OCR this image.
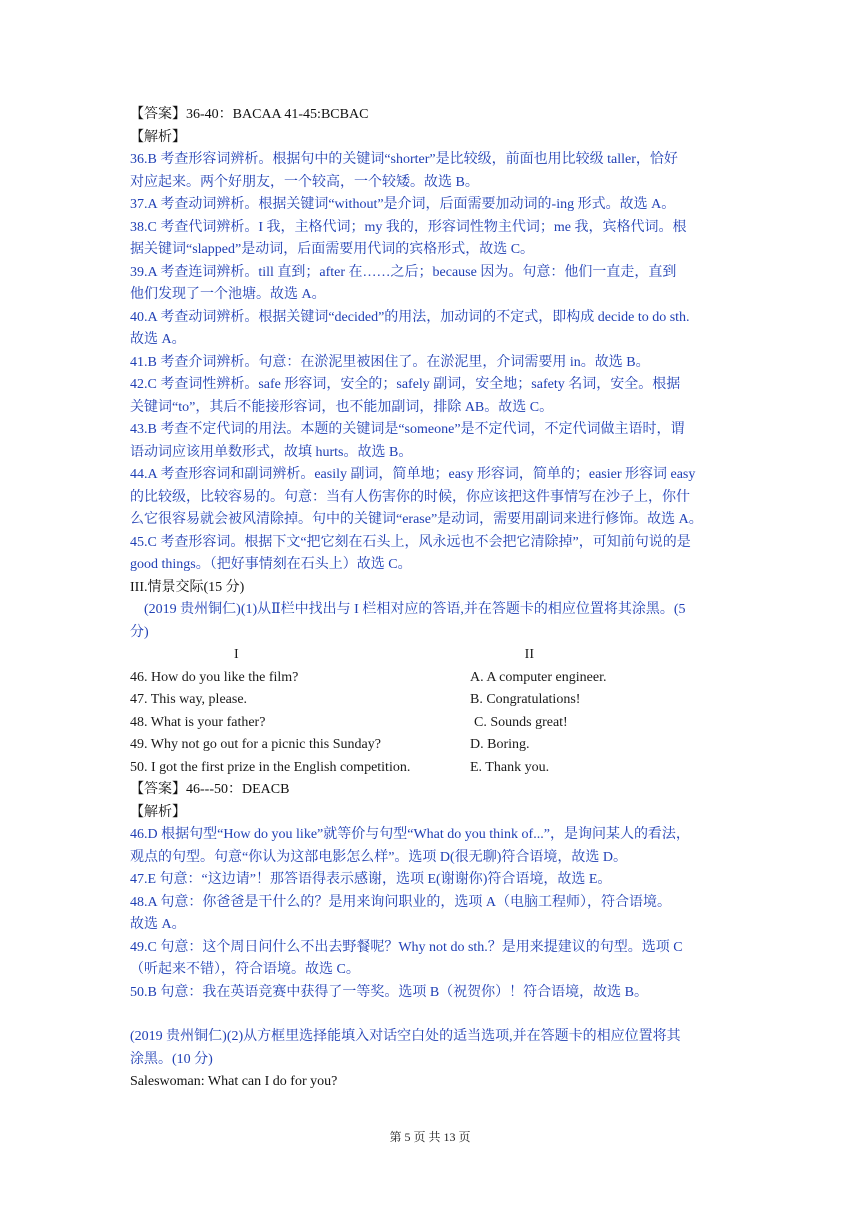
【答案】36-40：BACAA 41-45:BCBAC
【解析】
36.B 考查形容词辨析。根据句中的关键词“shorter”是比较级，前面也用比较级 taller，恰好
对应起来。两个好朋友，一个较高，一个较矮。故选 B。
37.A 考查动词辨析。根据关键词“without”是介词，后面需要加动词的-ing 形式。故选 A。
38.C 考查代词辨析。I 我，主格代词；my 我的，形容词性物主代词；me 我，宾格代词。根
据关键词“slapped”是动词，后面需要用代词的宾格形式，故选 C。
39.A 考查连词辨析。till 直到；after 在……之后；because 因为。句意：他们一直走，直到
他们发现了一个池塘。故选 A。
40.A 考查动词辨析。根据关键词“decided”的用法，加动词的不定式，即构成 decide to do sth.
故选 A。
41.B 考查介词辨析。句意：在淤泥里被困住了。在淤泥里，介词需要用 in。故选 B。
42.C 考查词性辨析。safe 形容词，安全的；safely 副词，安全地；safety 名词，安全。根据
关键词“to”，其后不能接形容词，也不能加副词，排除 AB。故选 C。
43.B 考查不定代词的用法。本题的关键词是“someone”是不定代词，不定代词做主语时，谓
语动词应该用单数形式，故填 hurts。故选 B。
44.A 考查形容词和副词辨析。easily 副词，简单地；easy 形容词，简单的；easier 形容词 easy
的比较级，比较容易的。句意：当有人伤害你的时候，你应该把这件事情写在沙子上，你什
么它很容易就会被风清除掉。句中的关键词“erase”是动词，需要用副词来进行修饰。故选 A。
45.C 考查形容词。根据下文“把它刻在石头上，风永远也不会把它清除掉”，可知前句说的是
good things。（把好事情刻在石头上）故选 C。
III.情景交际(15 分)
(2019 贵州铜仁)(1)从Ⅱ栏中找出与 I 栏相对应的答语,并在答题卡的相应位置将其涂黑。(5
分)
I	II
46. How do you like the film?	A. A computer engineer.
47. This way, please.	B. Congratulations!
48. What is your father?	C. Sounds great!
49. Why not go out for a picnic this Sunday?	D. Boring.
50. I got the first prize in the English competition.	E. Thank you.
【答案】46---50：DEACB
【解析】
46.D 根据句型“How do you like”就等价与句型“What do you think of...”，是询问某人的看法，
观点的句型。句意“你认为这部电影怎么样”。选项 D(很无聊)符合语境，故选 D。
47.E 句意：“这边请”！那答语得表示感谢，选项 E(谢谢你)符合语境，故选 E。
48.A 句意：你爸爸是干什么的？是用来询问职业的，选项 A（电脑工程师），符合语境。
故选 A。
49.C 句意：这个周日问什么不出去野餐呢？Why not do sth.？是用来提建议的句型。选项 C
（听起来不错），符合语境。故选 C。
50.B 句意：我在英语竞赛中获得了一等奖。选项 B（祝贺你）！符合语境，故选 B。
(2019 贵州铜仁)(2)从方框里选择能填入对话空白处的适当选项,并在答题卡的相应位置将其
涂黑。(10 分)
Saleswoman: What can I do for you?
第 5 页 共 13 页
